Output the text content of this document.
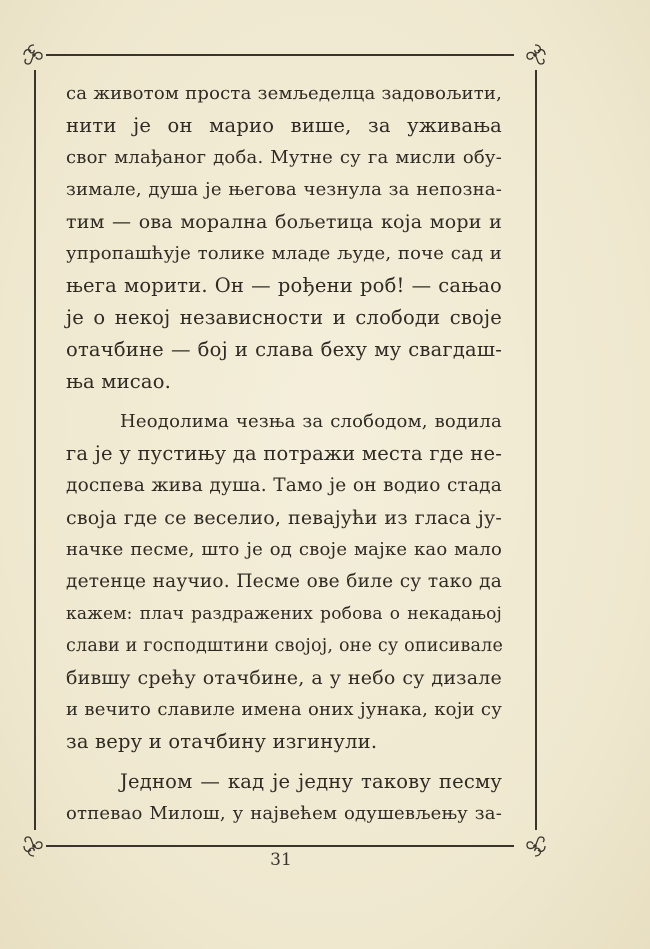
са животом проста земљеделца задовољити,
нити је он марио више, за уживања
свог млађаног доба. Мутне су га мисли обу-
зимале, душа је његова чезнула за непозна-
тим — ова морална бољетица која мори и
упропашћује толике младе људе, поче сад и
њега морити. Он — рођени роб! — сањао
је о некој независности и слободи своје
отачбине — бој и слава беху му свагдаш-
ња мисао.
Неодолима чезња за слободом, водила
га је у пустињу да потражи места где не-
доспева жива душа. Тамо је он водио стада
своја где се веселио, певајући из гласа ју-
начке песме, што је од своје мајке као мало
детенце научио. Песме ове биле су тако да
кажем: плач раздражених робова о некадањој
слави и господштини својој, оне су описивале
бившу срећу отачбине, а у небо су дизале
и вечито славиле имена оних јунака, који су
за веру и отачбину изгинули.
Једном — кад је једну такову песму
отпевао Милош, у највећем одушевљењу за-
31
